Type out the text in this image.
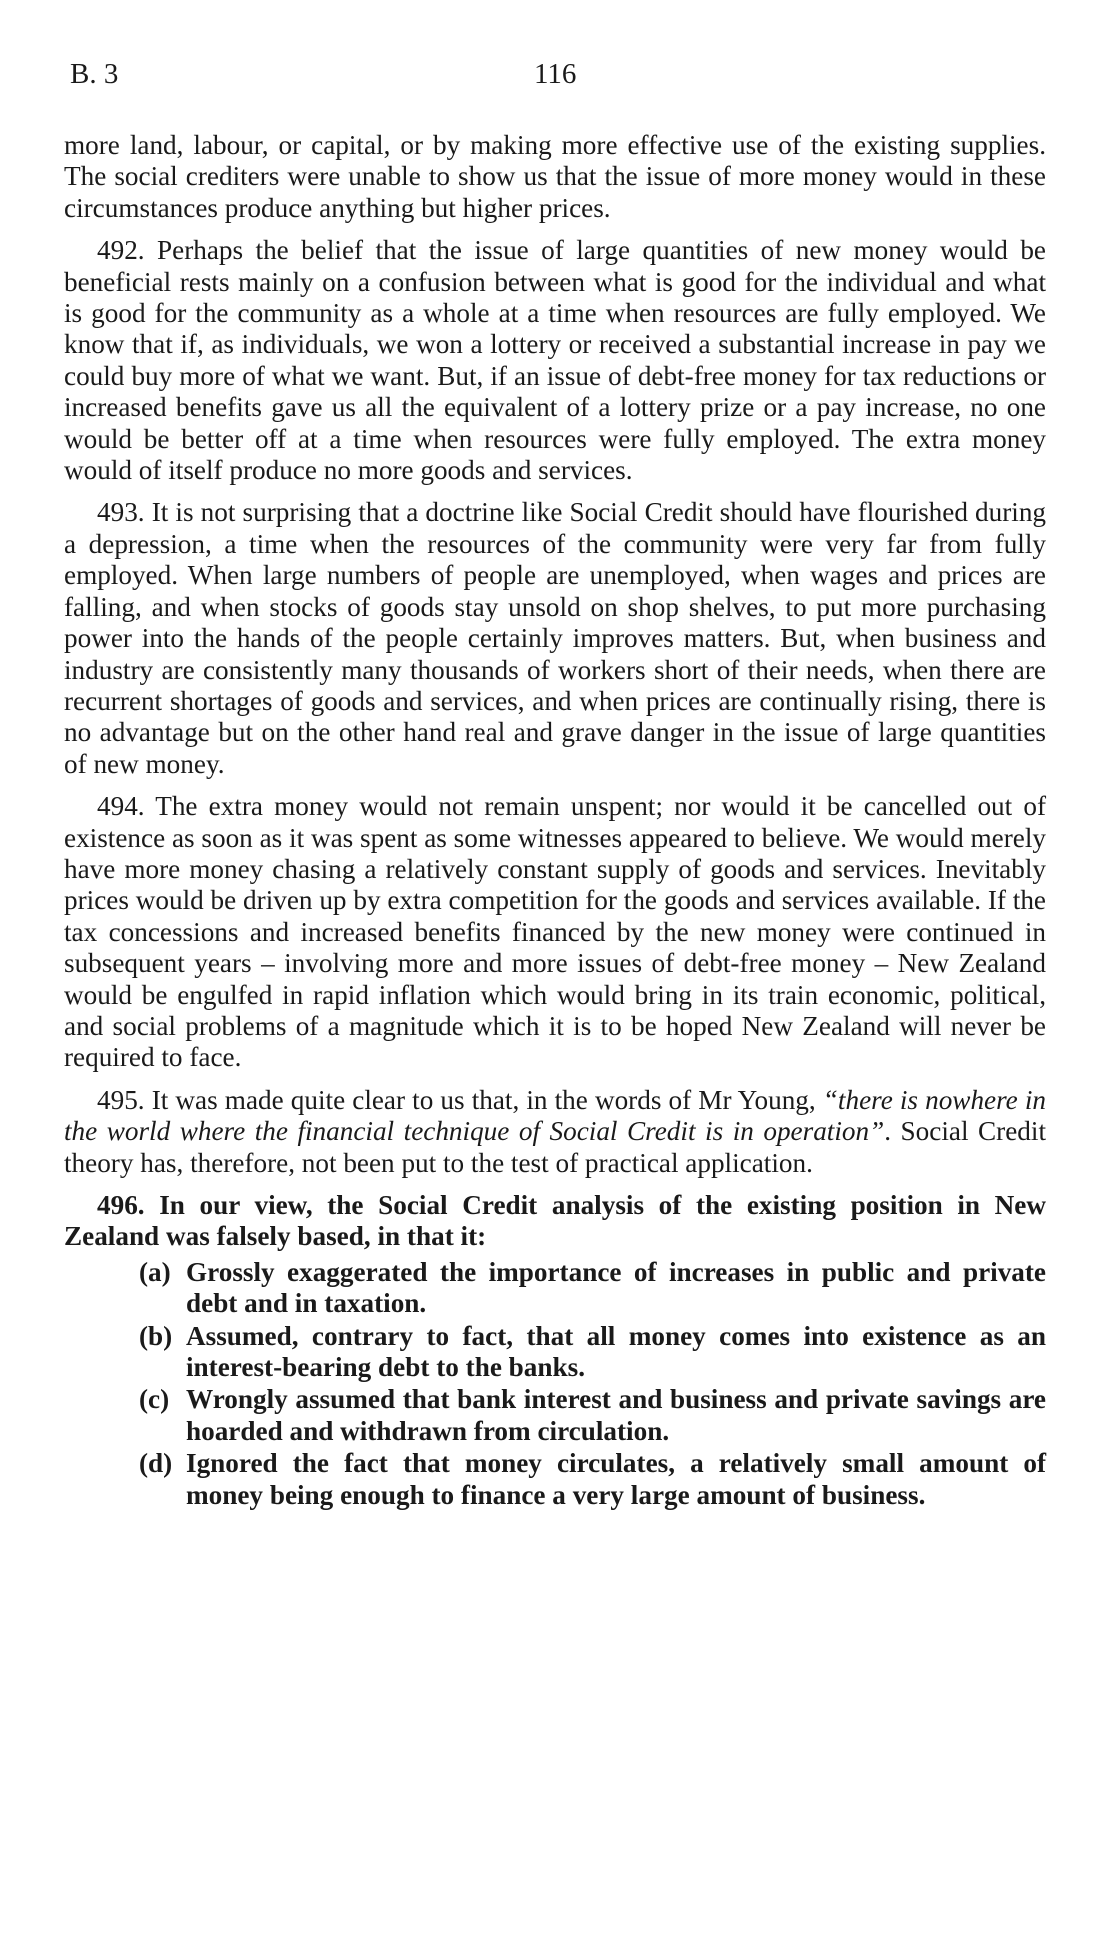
B. 3	116

more land, labour, or capital, or by making more effective use of the existing supplies. The social crediters were unable to show us that the issue of more money would in these circumstances produce anything but higher prices.

492. Perhaps the belief that the issue of large quantities of new money would be beneficial rests mainly on a confusion between what is good for the individual and what is good for the community as a whole at a time when resources are fully employed. We know that if, as individuals, we won a lottery or received a substantial increase in pay we could buy more of what we want. But, if an issue of debt-free money for tax reductions or increased benefits gave us all the equivalent of a lottery prize or a pay increase, no one would be better off at a time when resources were fully employed. The extra money would of itself produce no more goods and services.

493. It is not surprising that a doctrine like Social Credit should have flourished during a depression, a time when the resources of the community were very far from fully employed. When large numbers of people are unemployed, when wages and prices are falling, and when stocks of goods stay unsold on shop shelves, to put more purchasing power into the hands of the people certainly improves matters. But, when business and industry are consistently many thousands of workers short of their needs, when there are recurrent shortages of goods and services, and when prices are continually rising, there is no advantage but on the other hand real and grave danger in the issue of large quantities of new money.

494. The extra money would not remain unspent; nor would it be cancelled out of existence as soon as it was spent as some witnesses appeared to believe. We would merely have more money chasing a relatively constant supply of goods and services. Inevitably prices would be driven up by extra competition for the goods and services available. If the tax concessions and increased benefits financed by the new money were continued in subsequent years – involving more and more issues of debt-free money – New Zealand would be engulfed in rapid inflation which would bring in its train economic, political, and social problems of a magnitude which it is to be hoped New Zealand will never be required to face.

495. It was made quite clear to us that, in the words of Mr Young, “there is nowhere in the world where the financial technique of Social Credit is in operation”. Social Credit theory has, therefore, not been put to the test of practical application.

496. In our view, the Social Credit analysis of the existing position in New Zealand was falsely based, in that it:

(a) Grossly exaggerated the importance of increases in public and private debt and in taxation.
(b) Assumed, contrary to fact, that all money comes into existence as an interest-bearing debt to the banks.
(c) Wrongly assumed that bank interest and business and private savings are hoarded and withdrawn from circulation.
(d) Ignored the fact that money circulates, a relatively small amount of money being enough to finance a very large amount of business.
